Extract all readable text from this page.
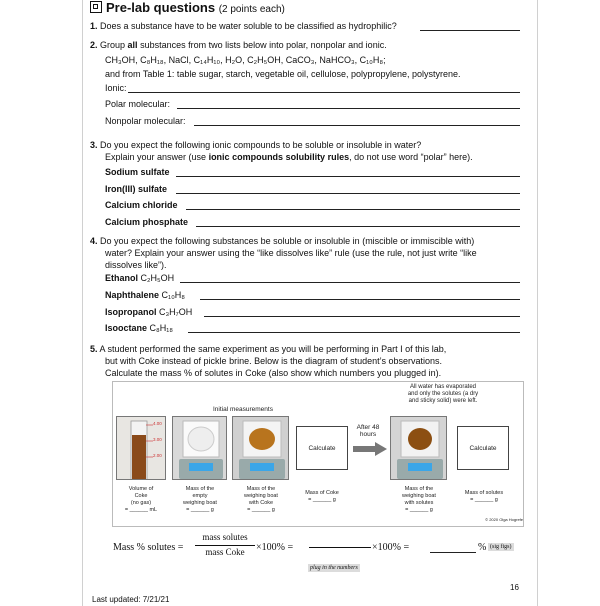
Pre-lab questions (2 points each)
1. Does a substance have to be water soluble to be classified as hydrophilic?
2. Group all substances from two lists below into polar, nonpolar and ionic.
CH₃OH, C₈H₁₈, NaCl, C₁₄H₁₀, H₂O, C₂H₅OH, CaCO₃, NaHCO₃, C₁₀H₈;
and from Table 1: table sugar, starch, vegetable oil, cellulose, polypropylene, polystyrene.
Ionic:
Polar molecular:
Nonpolar molecular:
3. Do you expect the following ionic compounds to be soluble or insoluble in water?
Explain your answer (use ionic compounds solubility rules, do not use word “polar” here).
Sodium sulfate
Iron(III) sulfate
Calcium chloride
Calcium phosphate
4. Do you expect the following substances be soluble or insoluble in (miscible or immiscible with)
water? Explain your answer using the “like dissolves like” rule (use the rule, not just write “like
dissolves like”).
Ethanol C₂H₅OH
Naphthalene C₁₀H₈
Isopropanol C₃H₇OH
Isooctane C₈H₁₈
5. A student performed the same experiment as you will be performing in Part I of this lab,
but with Coke instead of pickle brine. Below is the diagram of student’s observations.
Calculate the mass % of solutes in Coke (also show which numbers you plugged in).
Initial measurements
All water has evaporated
and only the solutes (a dry
and sticky solid) were left.
4.00
3.00
2.00
Calculate
After 48
hours
Calculate
Volume of
Coke
(no gas)
= ______ mL
Mass of the
empty
weighing boat
= ______ g
Mass of the
weighing boat
with Coke
= ______ g
Mass of Coke
= ______ g
Mass of the
weighing boat
with solutes
= ______ g
Mass of solutes
= ______ g
© 2020 Olga Hogrefe
Mass % solutes =
mass solutes
mass Coke	×100% =	×100% =	% (sig figs)
plug in the numbers
16
Last updated: 7/21/21
